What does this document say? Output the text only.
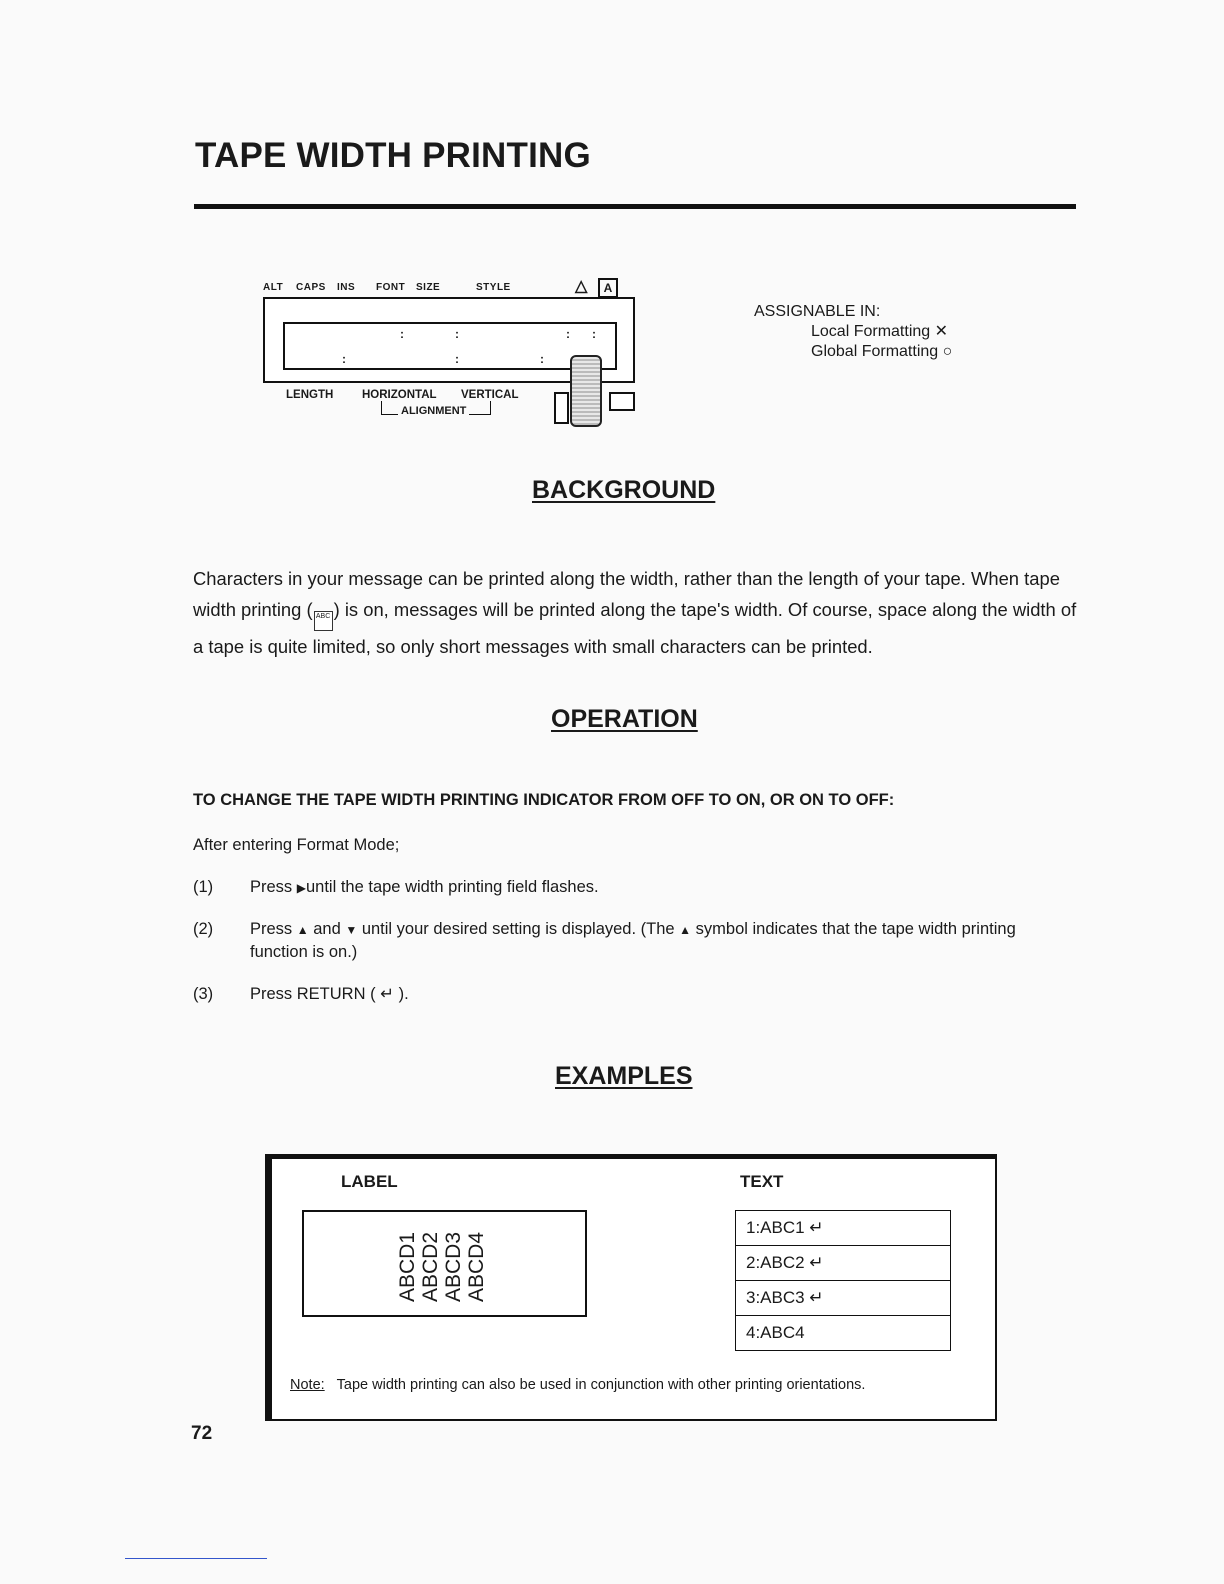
TAPE WIDTH PRINTING
ALT CAPS INS FONT SIZE	STYLE	△	A
:	:	: :
:	:	:
LENGTH HORIZONTAL VERTICAL
ALIGNMENT
ASSIGNABLE IN:
Local Formatting ✕
Global Formatting ○
BACKGROUND
Characters in your message can be printed along the width, rather than the length of your tape. When tape width printing ( ABC ) is on, messages will be printed along the tape's width. Of course, space along the width of a tape is quite limited, so only short messages with small characters can be printed.
OPERATION
TO CHANGE THE TAPE WIDTH PRINTING INDICATOR FROM OFF TO ON, OR ON TO OFF:
After entering Format Mode;
(1) Press ▶until the tape width printing field flashes.
(2) Press ▲ and ▼ until your desired setting is displayed. (The ▲ symbol indicates that the tape width printing function is on.)
(3) Press RETURN ( ↵ ).
EXAMPLES
LABEL	TEXT
ABCD1 ABCD2 ABCD3 ABCD4
1:ABC1 ↵
2:ABC2 ↵
3:ABC3 ↵
4:ABC4
Note: Tape width printing can also be used in conjunction with other printing orientations.
72
